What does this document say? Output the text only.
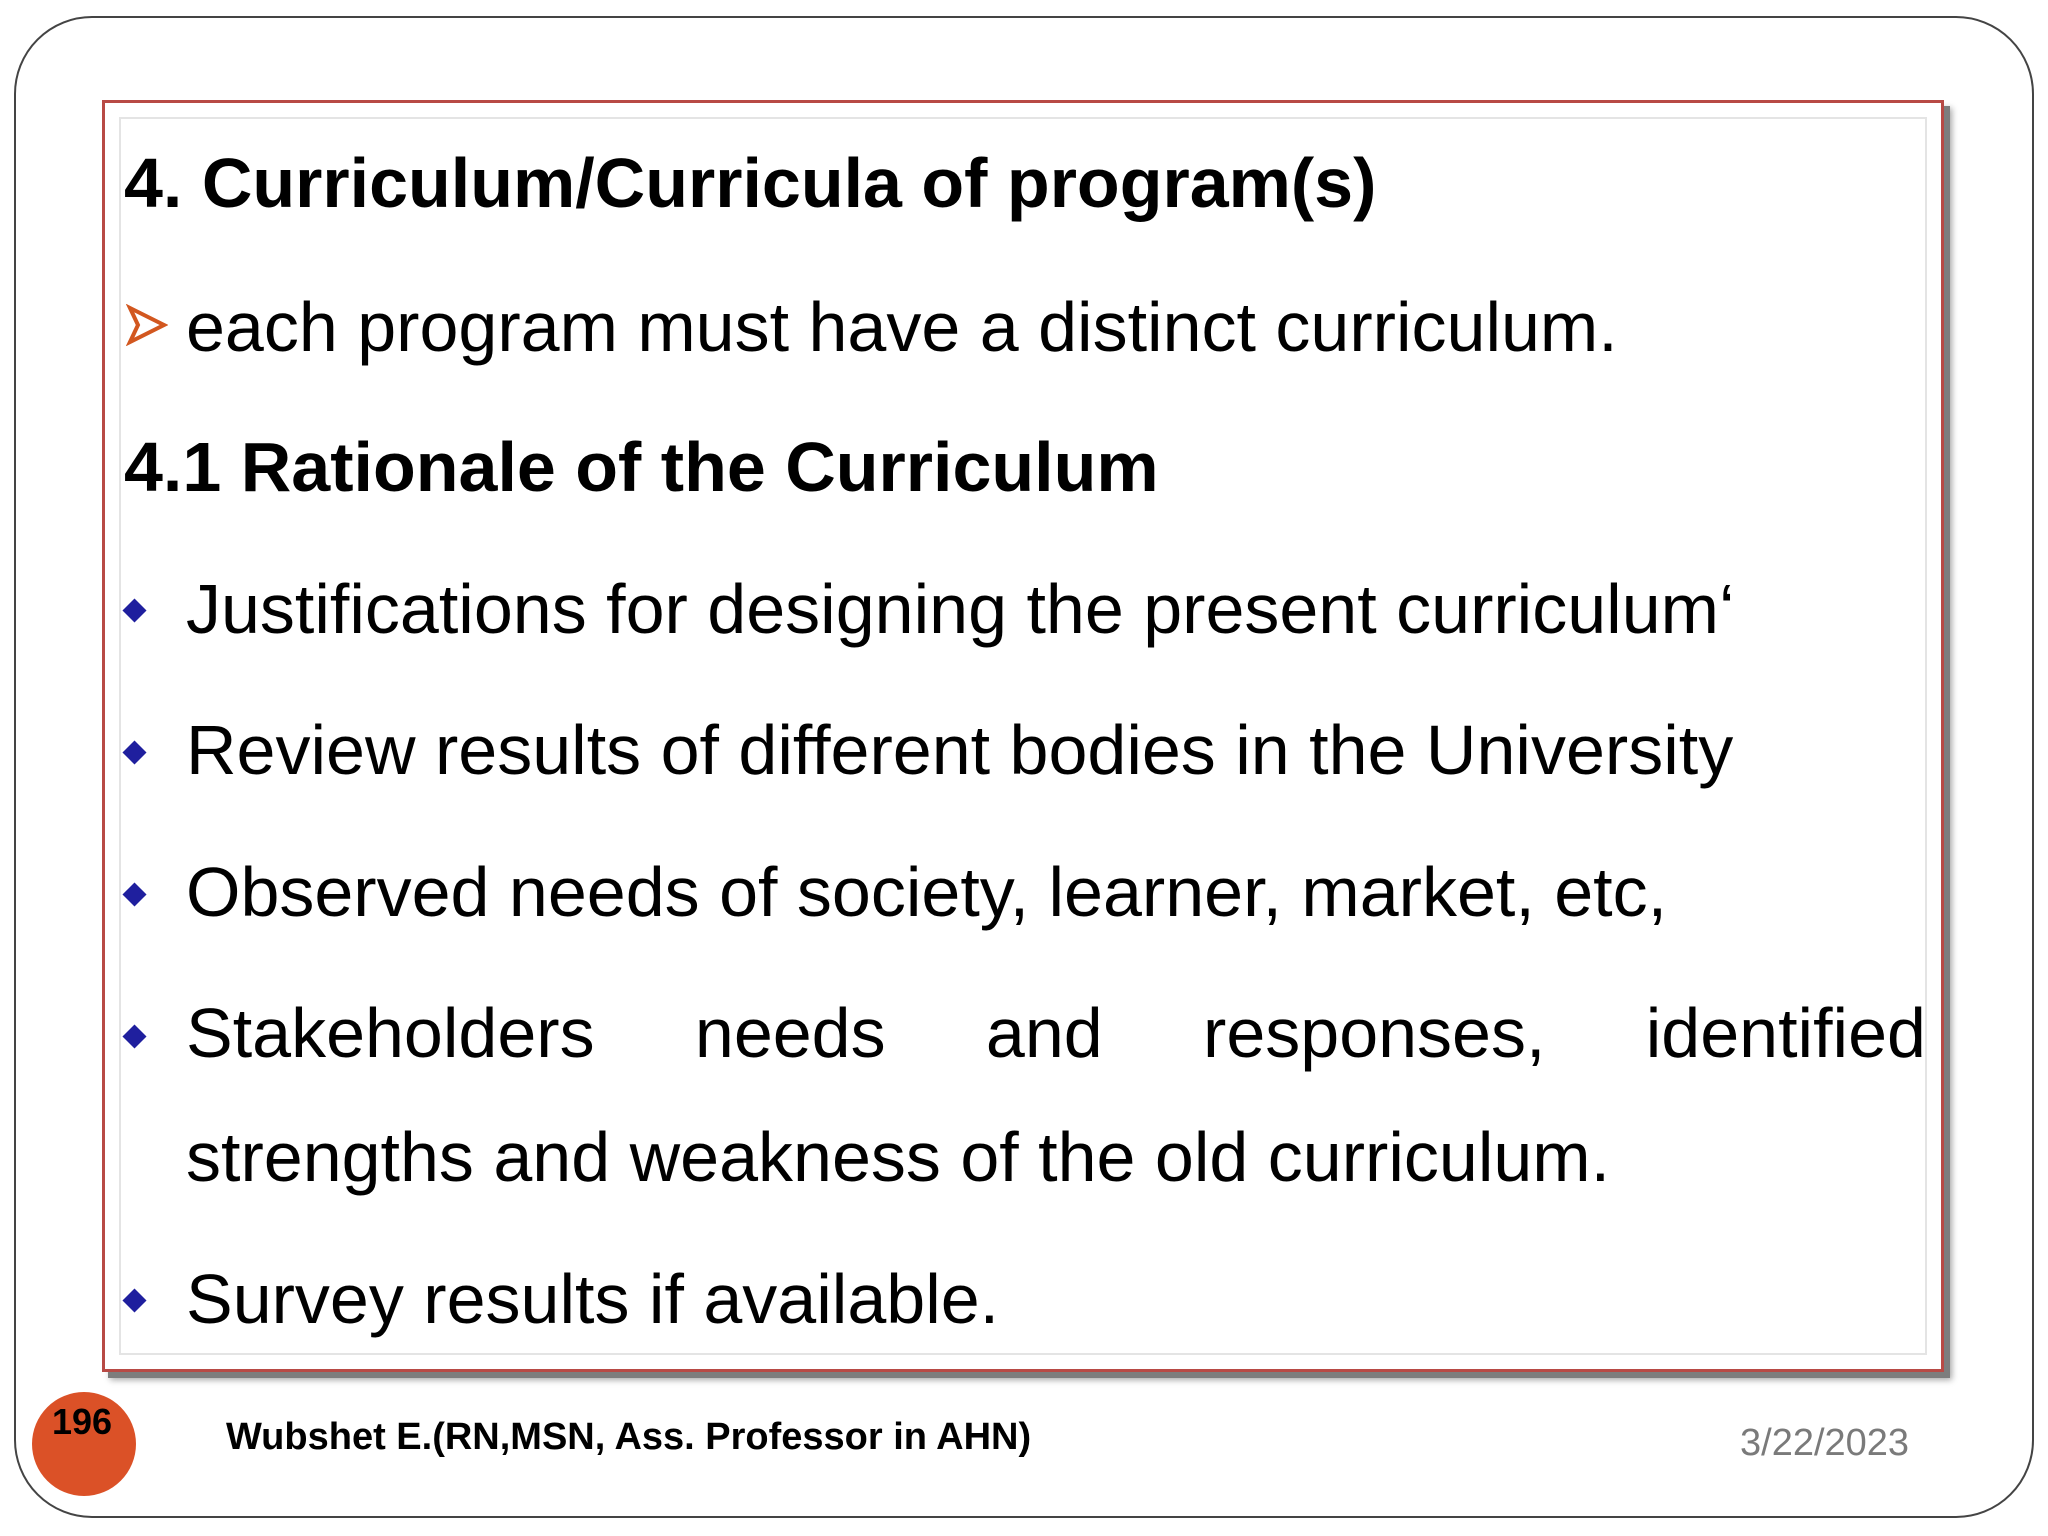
4. Curriculum/Curricula of program(s)
each program must have a distinct curriculum.
4.1 Rationale of the Curriculum
Justifications for designing the present curriculum‘
Review results of different bodies in the University
Observed needs of society, learner, market, etc,
Stakeholders needs and responses, identified
strengths and weakness of the old curriculum.
Survey results if available.
196	Wubshet E.(RN,MSN, Ass. Professor in AHN)	3/22/2023
